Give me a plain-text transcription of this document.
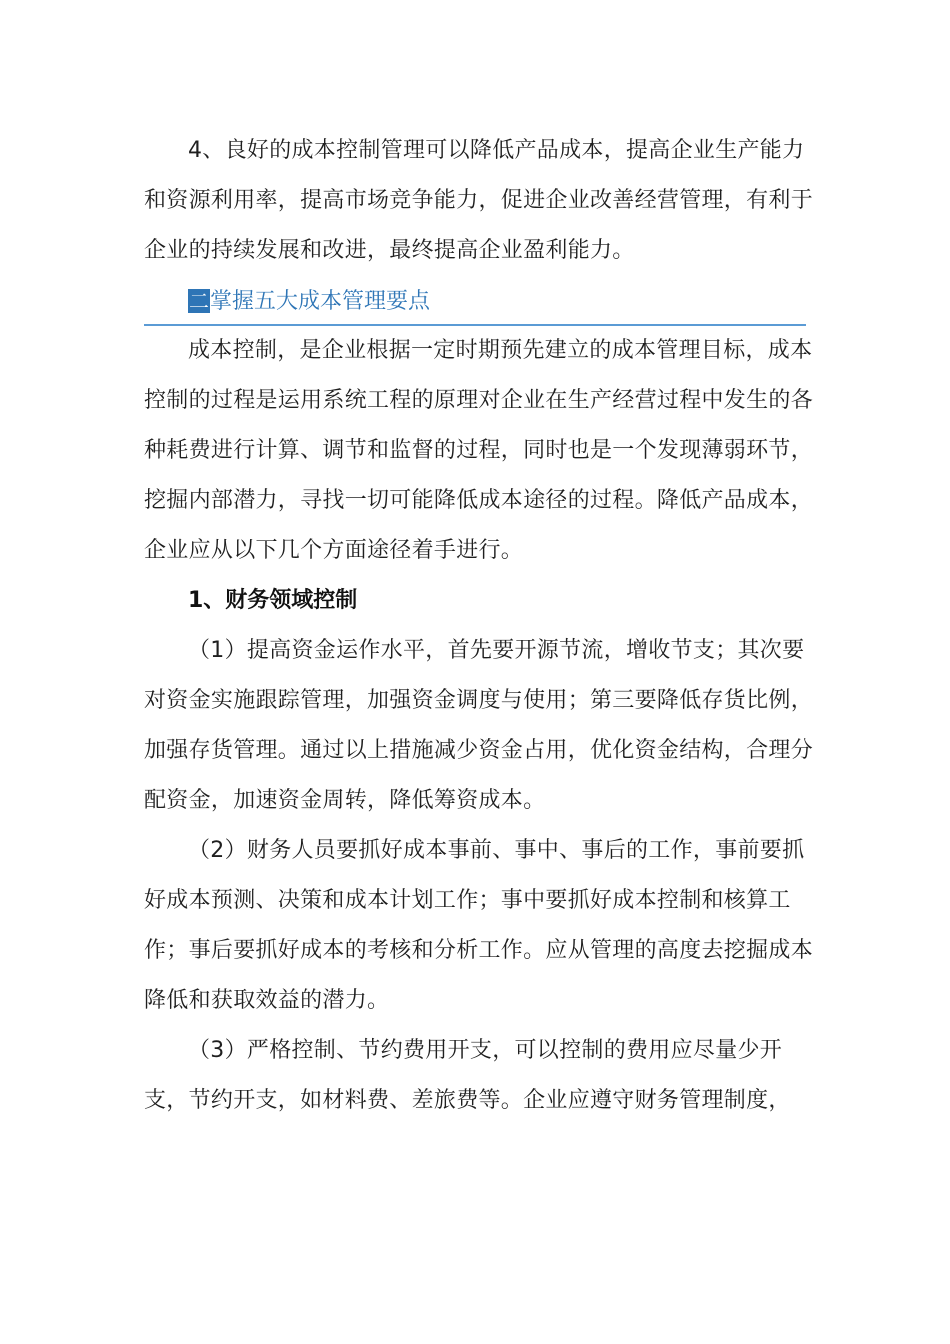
4、良好的成本控制管理可以降低产品成本，提高企业生产能力和资源利用率，提高市场竞争能力，促进企业改善经营管理，有利于企业的持续发展和改进，最终提高企业盈利能力。

二 掌握五大成本管理要点

成本控制，是企业根据一定时期预先建立的成本管理目标，成本控制的过程是运用系统工程的原理对企业在生产经营过程中发生的各种耗费进行计算、调节和监督的过程，同时也是一个发现薄弱环节，挖掘内部潜力，寻找一切可能降低成本途径的过程。降低产品成本，企业应从以下几个方面途径着手进行。

1、财务领域控制

（1）提高资金运作水平，首先要开源节流，增收节支；其次要对资金实施跟踪管理，加强资金调度与使用；第三要降低存货比例，加强存货管理。通过以上措施减少资金占用，优化资金结构，合理分配资金，加速资金周转，降低筹资成本。

（2）财务人员要抓好成本事前、事中、事后的工作，事前要抓好成本预测、决策和成本计划工作；事中要抓好成本控制和核算工作；事后要抓好成本的考核和分析工作。应从管理的高度去挖掘成本降低和获取效益的潜力。

（3）严格控制、节约费用开支，可以控制的费用应尽量少开支，节约开支，如材料费、差旅费等。企业应遵守财务管理制度，
